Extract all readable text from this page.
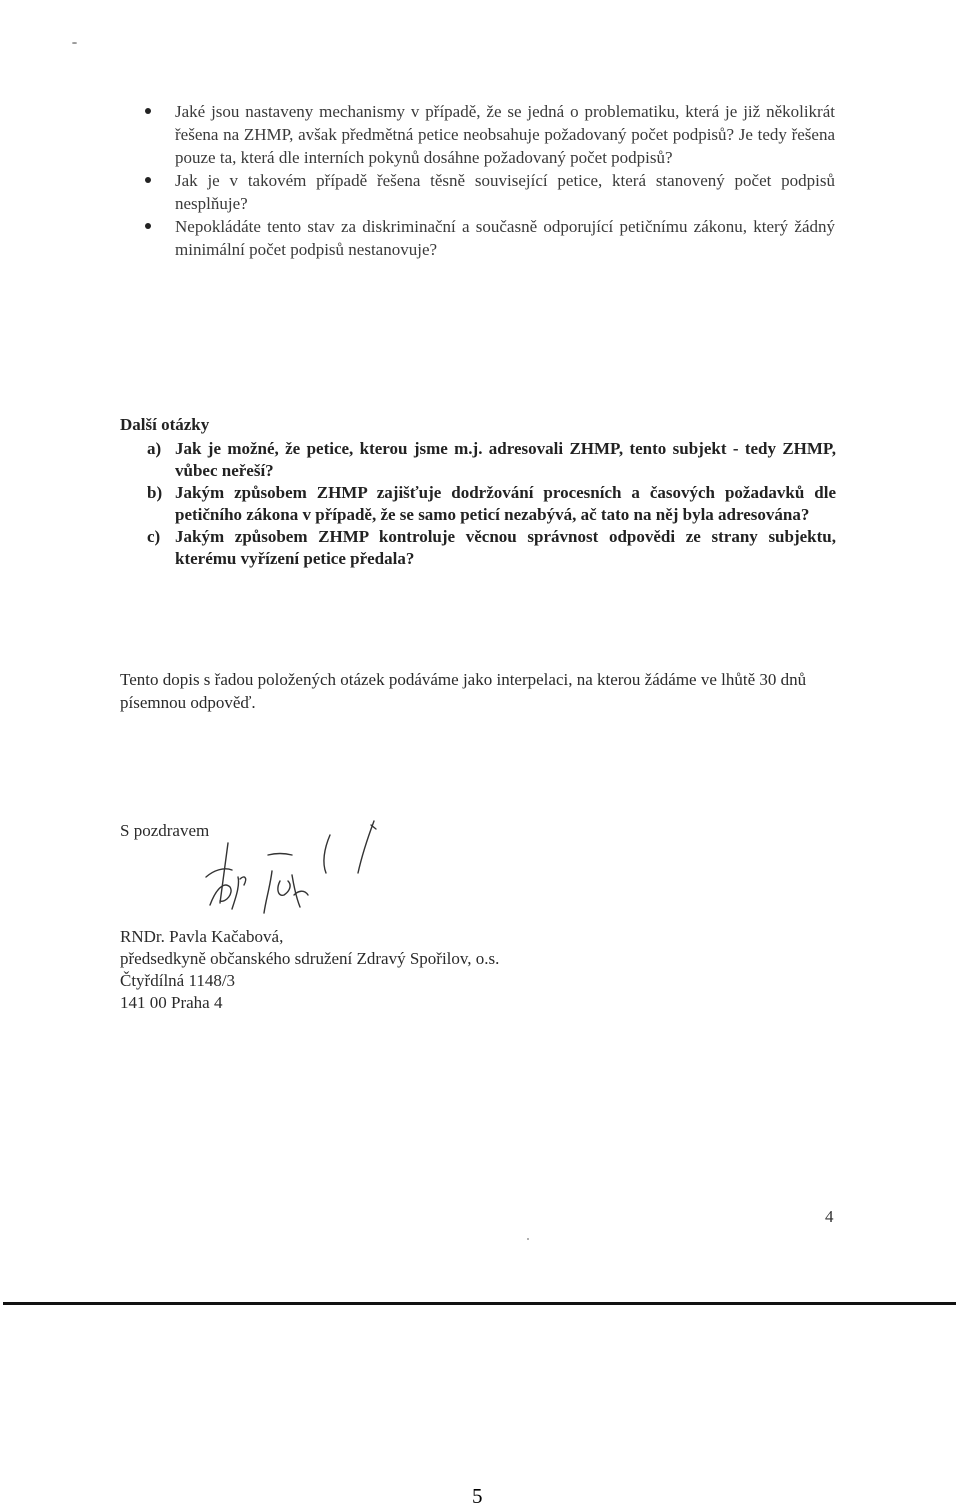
Jaké jsou nastaveny mechanismy v případě, že se jedná o problematiku, která je již několikrát řešena na ZHMP, avšak předmětná petice neobsahuje požadovaný počet podpisů? Je tedy řešena pouze ta, která dle interních pokynů dosáhne požadovaný počet podpisů?
Jak je v takovém případě řešena těsně související petice, která stanovený počet podpisů nesplňuje?
Nepokládáte tento stav za diskriminační a současně odporující petičnímu zákonu, který žádný minimální počet podpisů nestanovuje?
Další otázky
a) Jak je možné, že petice, kterou jsme m.j. adresovali ZHMP, tento subjekt - tedy ZHMP, vůbec neřeší?
b) Jakým způsobem ZHMP zajišťuje dodržování procesních a časových požadavků dle petičního zákona v případě, že se samo peticí nezabývá, ač tato na něj byla adresována?
c) Jakým způsobem ZHMP kontroluje věcnou správnost odpovědi ze strany subjektu, kterému vyřízení petice předala?

Tento dopis s řadou položených otázek podáváme jako interpelaci, na kterou žádáme ve lhůtě 30 dnů písemnou odpověď.

S pozdravem

RNDr. Pavla Kačabová,
předsedkyně občanského sdružení Zdravý Spořilov, o.s.
Čtyřdílná 1148/3
141 00 Praha 4
4
5
